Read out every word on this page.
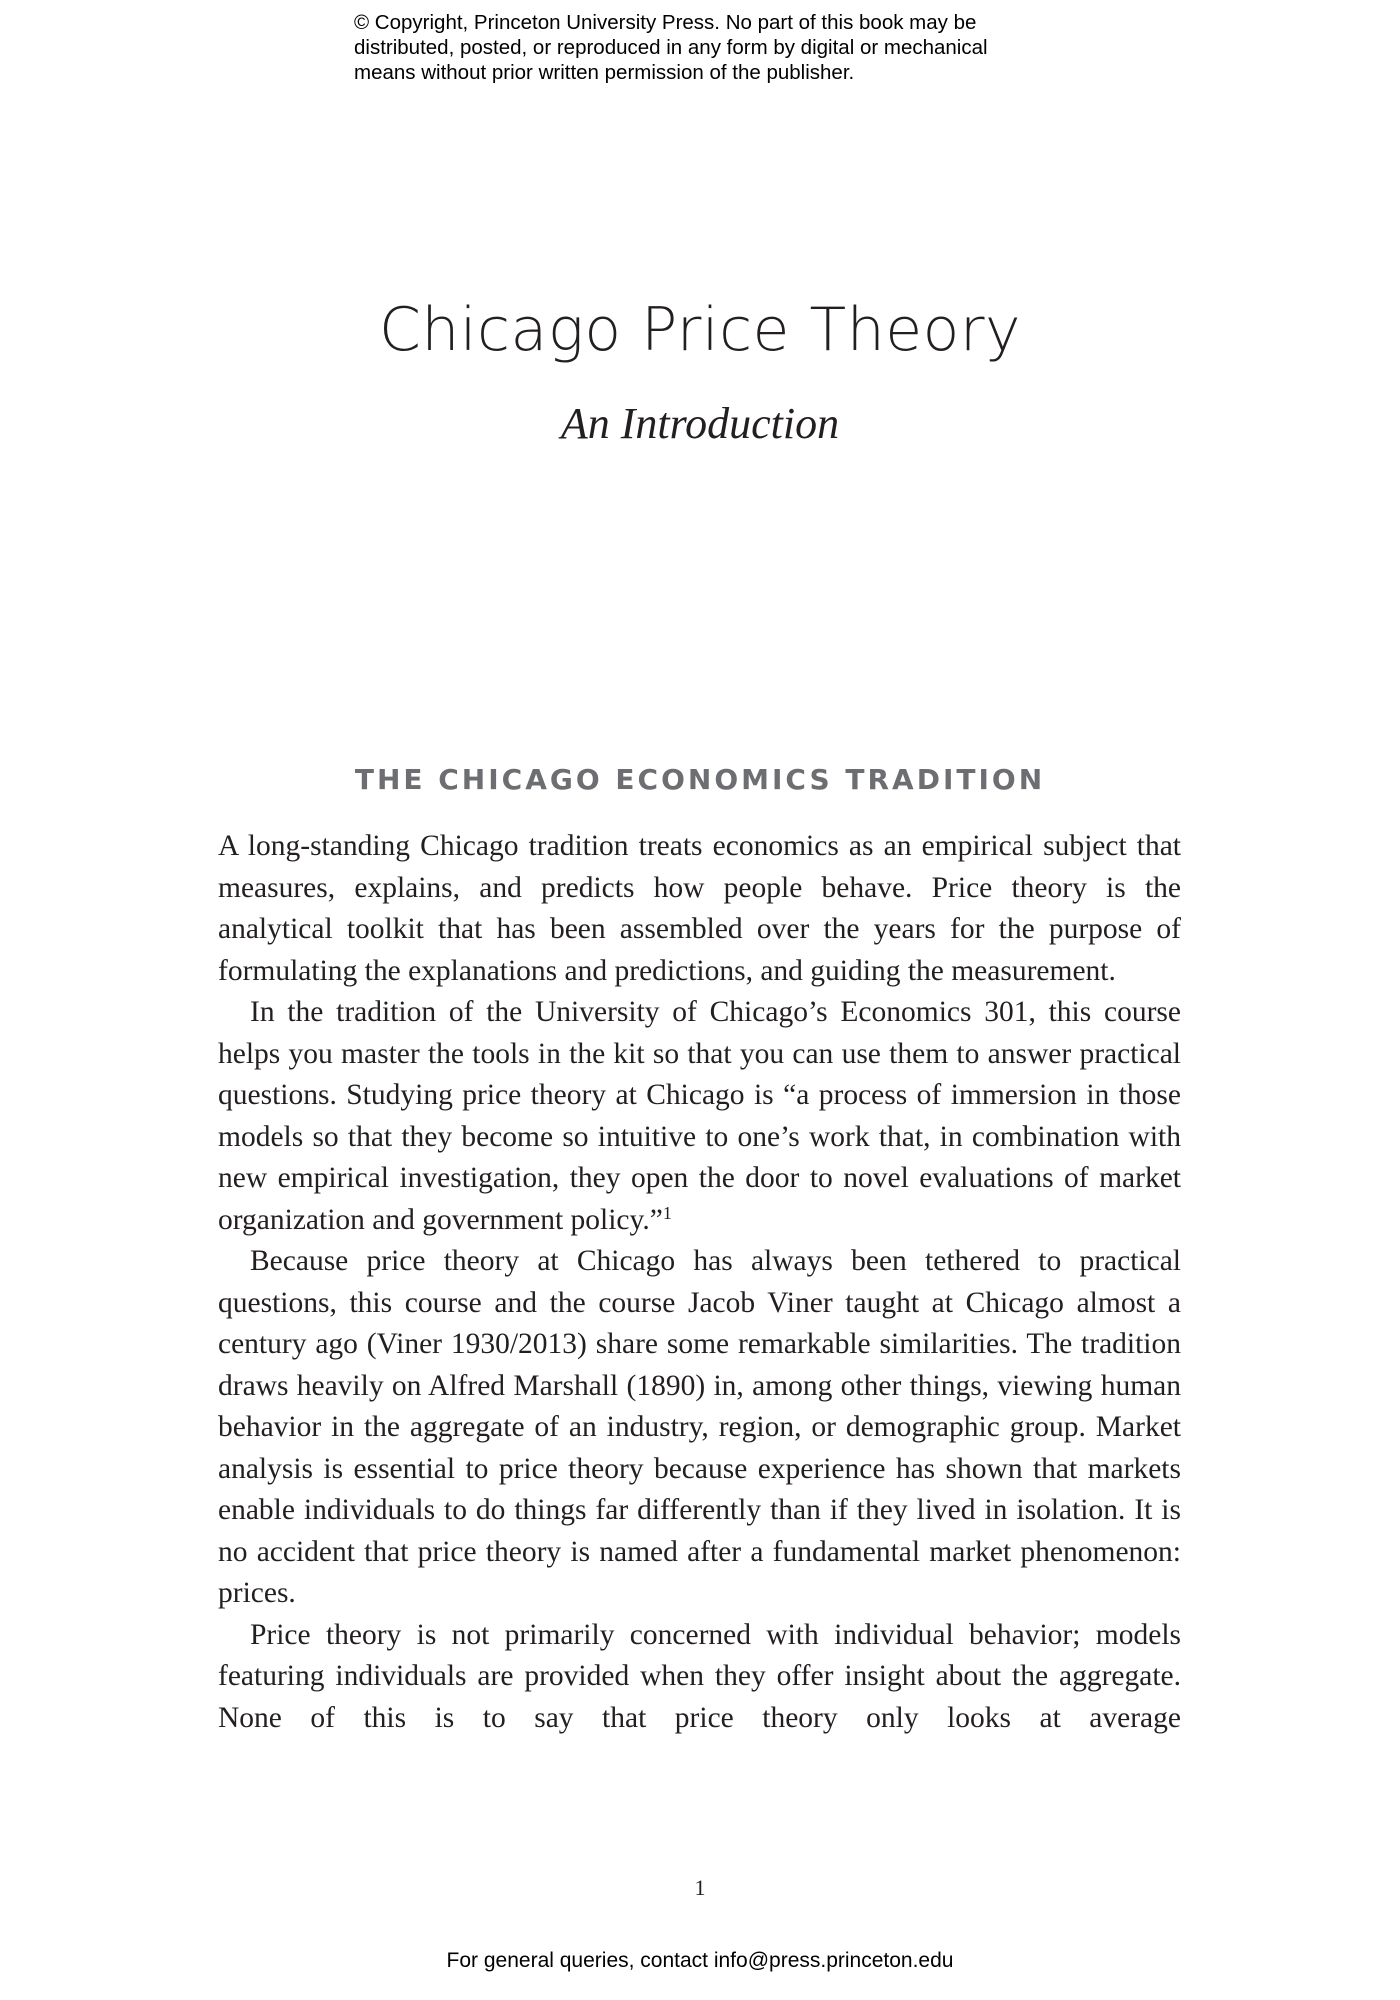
© Copyright, Princeton University Press. No part of this book may be
distributed, posted, or reproduced in any form by digital or mechanical
means without prior written permission of the publisher.
Chicago Price Theory
An Introduction
THE CHICAGO ECONOMICS TRADITION

A long-standing Chicago tradition treats economics as an empirical subject that measures, explains, and predicts how people behave. Price theory is the analytical toolkit that has been assembled over the years for the purpose of formulating the explanations and predictions, and guiding the measurement.

In the tradition of the University of Chicago’s Economics 301, this course helps you master the tools in the kit so that you can use them to answer practical questions. Studying price theory at Chicago is “a process of immersion in those models so that they become so intuitive to one’s work that, in combination with new empirical investigation, they open the door to novel evaluations of market organization and government policy.”$^1$

Because price theory at Chicago has always been tethered to practical questions, this course and the course Jacob Viner taught at Chicago almost a century ago (Viner 1930/2013) share some remarkable similarities. The tradition draws heavily on Alfred Marshall (1890) in, among other things, viewing human behavior in the aggregate of an industry, region, or demographic group. Market analysis is essential to price theory because experience has shown that markets enable individuals to do things far differently than if they lived in isolation. It is no accident that price theory is named after a fundamental market phenomenon: prices.

Price theory is not primarily concerned with individual behavior; models featuring individuals are provided when they offer insight about the aggregate. None of this is to say that price theory only looks at average

1
For general queries, contact info@press.princeton.edu
